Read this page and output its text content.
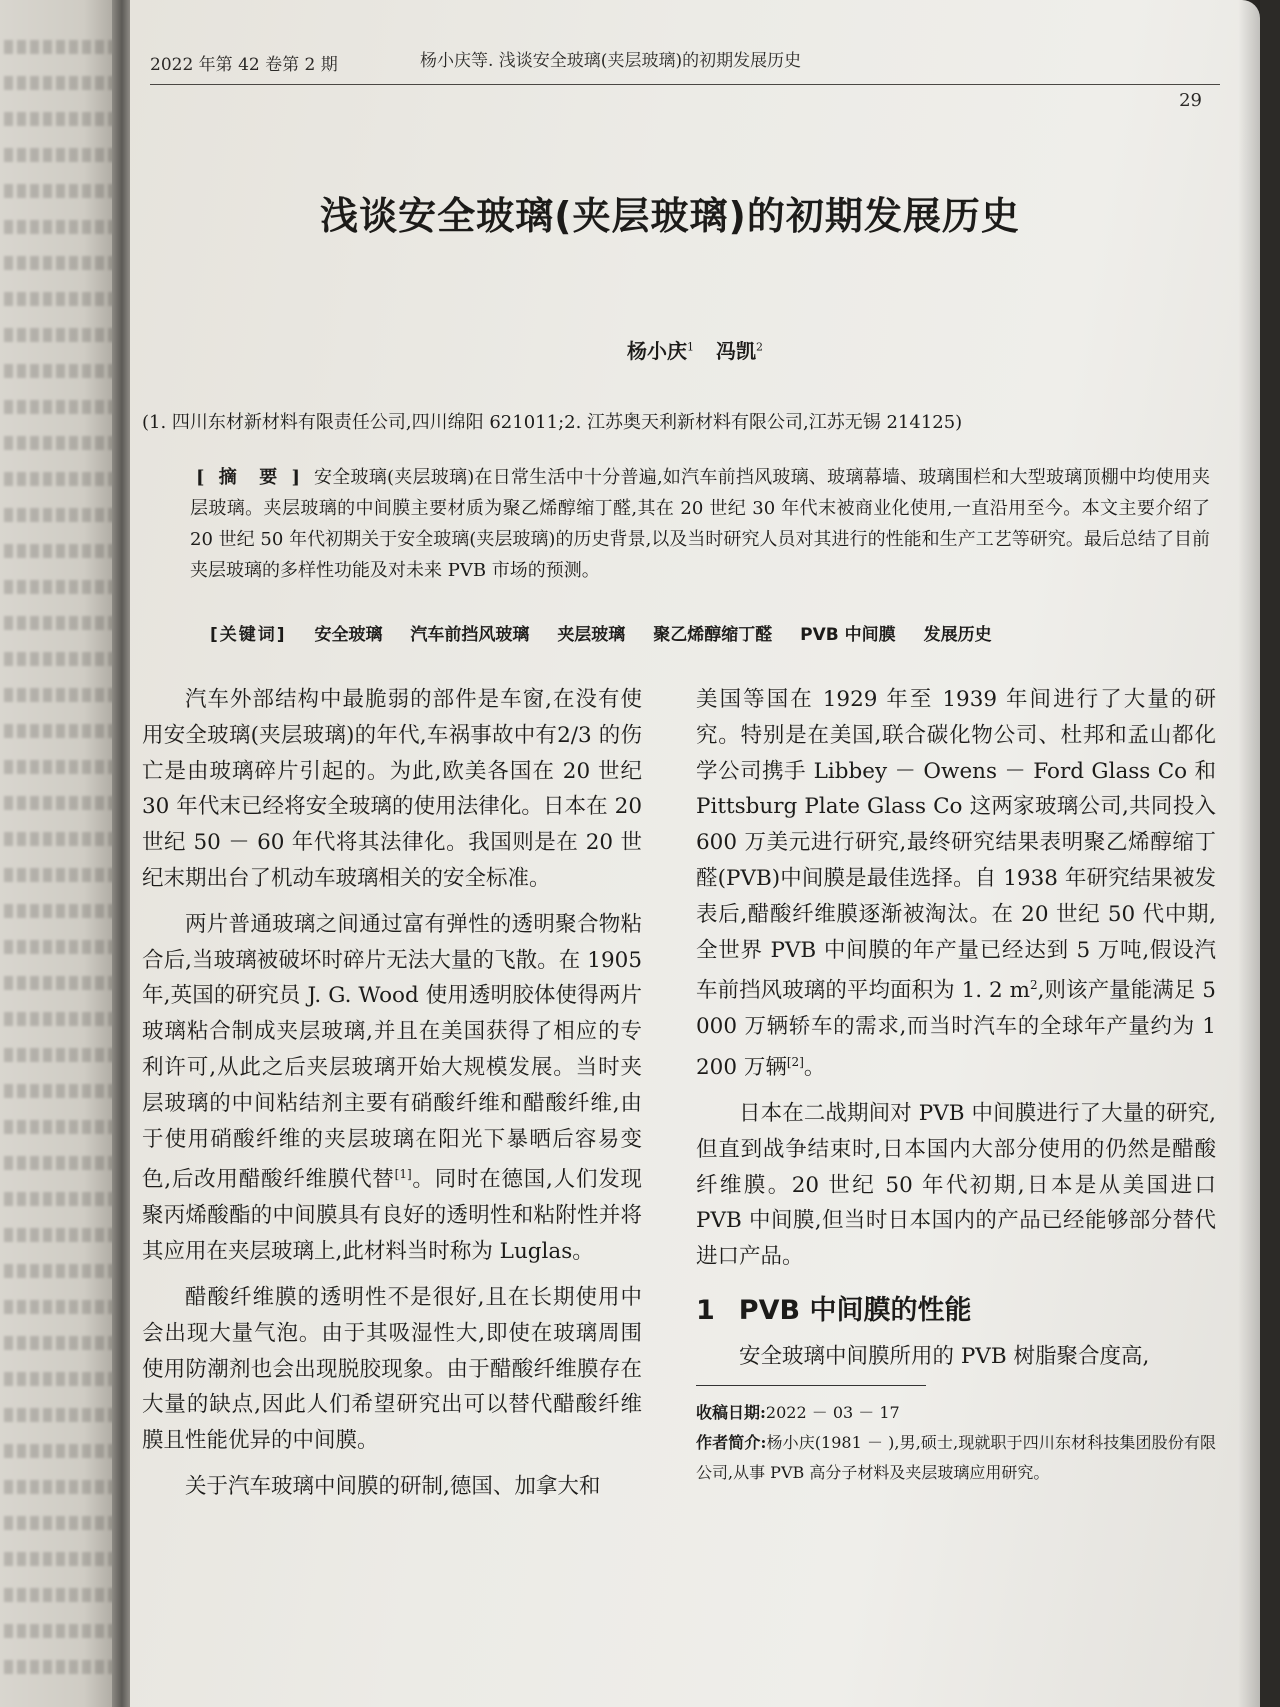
2022 年第 42 卷第 2 期	杨小庆等. 浅谈安全玻璃(夹层玻璃)的初期发展历史
29
浅谈安全玻璃(夹层玻璃)的初期发展历史
杨小庆$^1$ 冯凯$^2$
(1. 四川东材新材料有限责任公司,四川绵阳 621011;2. 江苏奥天利新材料有限公司,江苏无锡 214125)
[ 摘　要 ] 安全玻璃(夹层玻璃)在日常生活中十分普遍,如汽车前挡风玻璃、玻璃幕墙、玻璃围栏和大型玻璃顶棚中均使用夹层玻璃。夹层玻璃的中间膜主要材质为聚乙烯醇缩丁醛,其在 20 世纪 30 年代末被商业化使用,一直沿用至今。本文主要介绍了 20 世纪 50 年代初期关于安全玻璃(夹层玻璃)的历史背景,以及当时研究人员对其进行的性能和生产工艺等研究。最后总结了目前夹层玻璃的多样性功能及对未来 PVB 市场的预测。
[关键词] 安全玻璃 汽车前挡风玻璃 夹层玻璃 聚乙烯醇缩丁醛 PVB 中间膜 发展历史

汽车外部结构中最脆弱的部件是车窗,在没有使用安全玻璃(夹层玻璃)的年代,车祸事故中有2/3 的伤亡是由玻璃碎片引起的。为此,欧美各国在 20 世纪 30 年代末已经将安全玻璃的使用法律化。日本在 20 世纪 50 － 60 年代将其法律化。我国则是在 20 世纪末期出台了机动车玻璃相关的安全标准。

两片普通玻璃之间通过富有弹性的透明聚合物粘合后,当玻璃被破坏时碎片无法大量的飞散。在 1905 年,英国的研究员 J. G. Wood 使用透明胶体使得两片玻璃粘合制成夹层玻璃,并且在美国获得了相应的专利许可,从此之后夹层玻璃开始大规模发展。当时夹层玻璃的中间粘结剂主要有硝酸纤维和醋酸纤维,由于使用硝酸纤维的夹层玻璃在阳光下暴晒后容易变色,后改用醋酸纤维膜代替[1]。同时在德国,人们发现聚丙烯酸酯的中间膜具有良好的透明性和粘附性并将其应用在夹层玻璃上,此材料当时称为 Luglas。

醋酸纤维膜的透明性不是很好,且在长期使用中会出现大量气泡。由于其吸湿性大,即使在玻璃周围使用防潮剂也会出现脱胶现象。由于醋酸纤维膜存在大量的缺点,因此人们希望研究出可以替代醋酸纤维膜且性能优异的中间膜。

关于汽车玻璃中间膜的研制,德国、加拿大和

美国等国在 1929 年至 1939 年间进行了大量的研究。特别是在美国,联合碳化物公司、杜邦和孟山都化学公司携手 Libbey － Owens － Ford Glass Co 和 Pittsburg Plate Glass Co 这两家玻璃公司,共同投入600 万美元进行研究,最终研究结果表明聚乙烯醇缩丁醛(PVB)中间膜是最佳选择。自 1938 年研究结果被发表后,醋酸纤维膜逐渐被淘汰。在 20 世纪 50 代中期,全世界 PVB 中间膜的年产量已经达到 5 万吨,假设汽车前挡风玻璃的平均面积为 1. 2 $m^2$,则该产量能满足 5 000 万辆轿车的需求,而当时汽车的全球年产量约为 1 200 万辆[2]。

日本在二战期间对 PVB 中间膜进行了大量的研究,但直到战争结束时,日本国内大部分使用的仍然是醋酸纤维膜。20 世纪 50 年代初期,日本是从美国进口 PVB 中间膜,但当时日本国内的产品已经能够部分替代进口产品。

1 PVB 中间膜的性能

安全玻璃中间膜所用的 PVB 树脂聚合度高,

收稿日期:2022 － 03 － 17
作者简介:杨小庆(1981 － ),男,硕士,现就职于四川东材科技集团股份有限公司,从事 PVB 高分子材料及夹层玻璃应用研究。
